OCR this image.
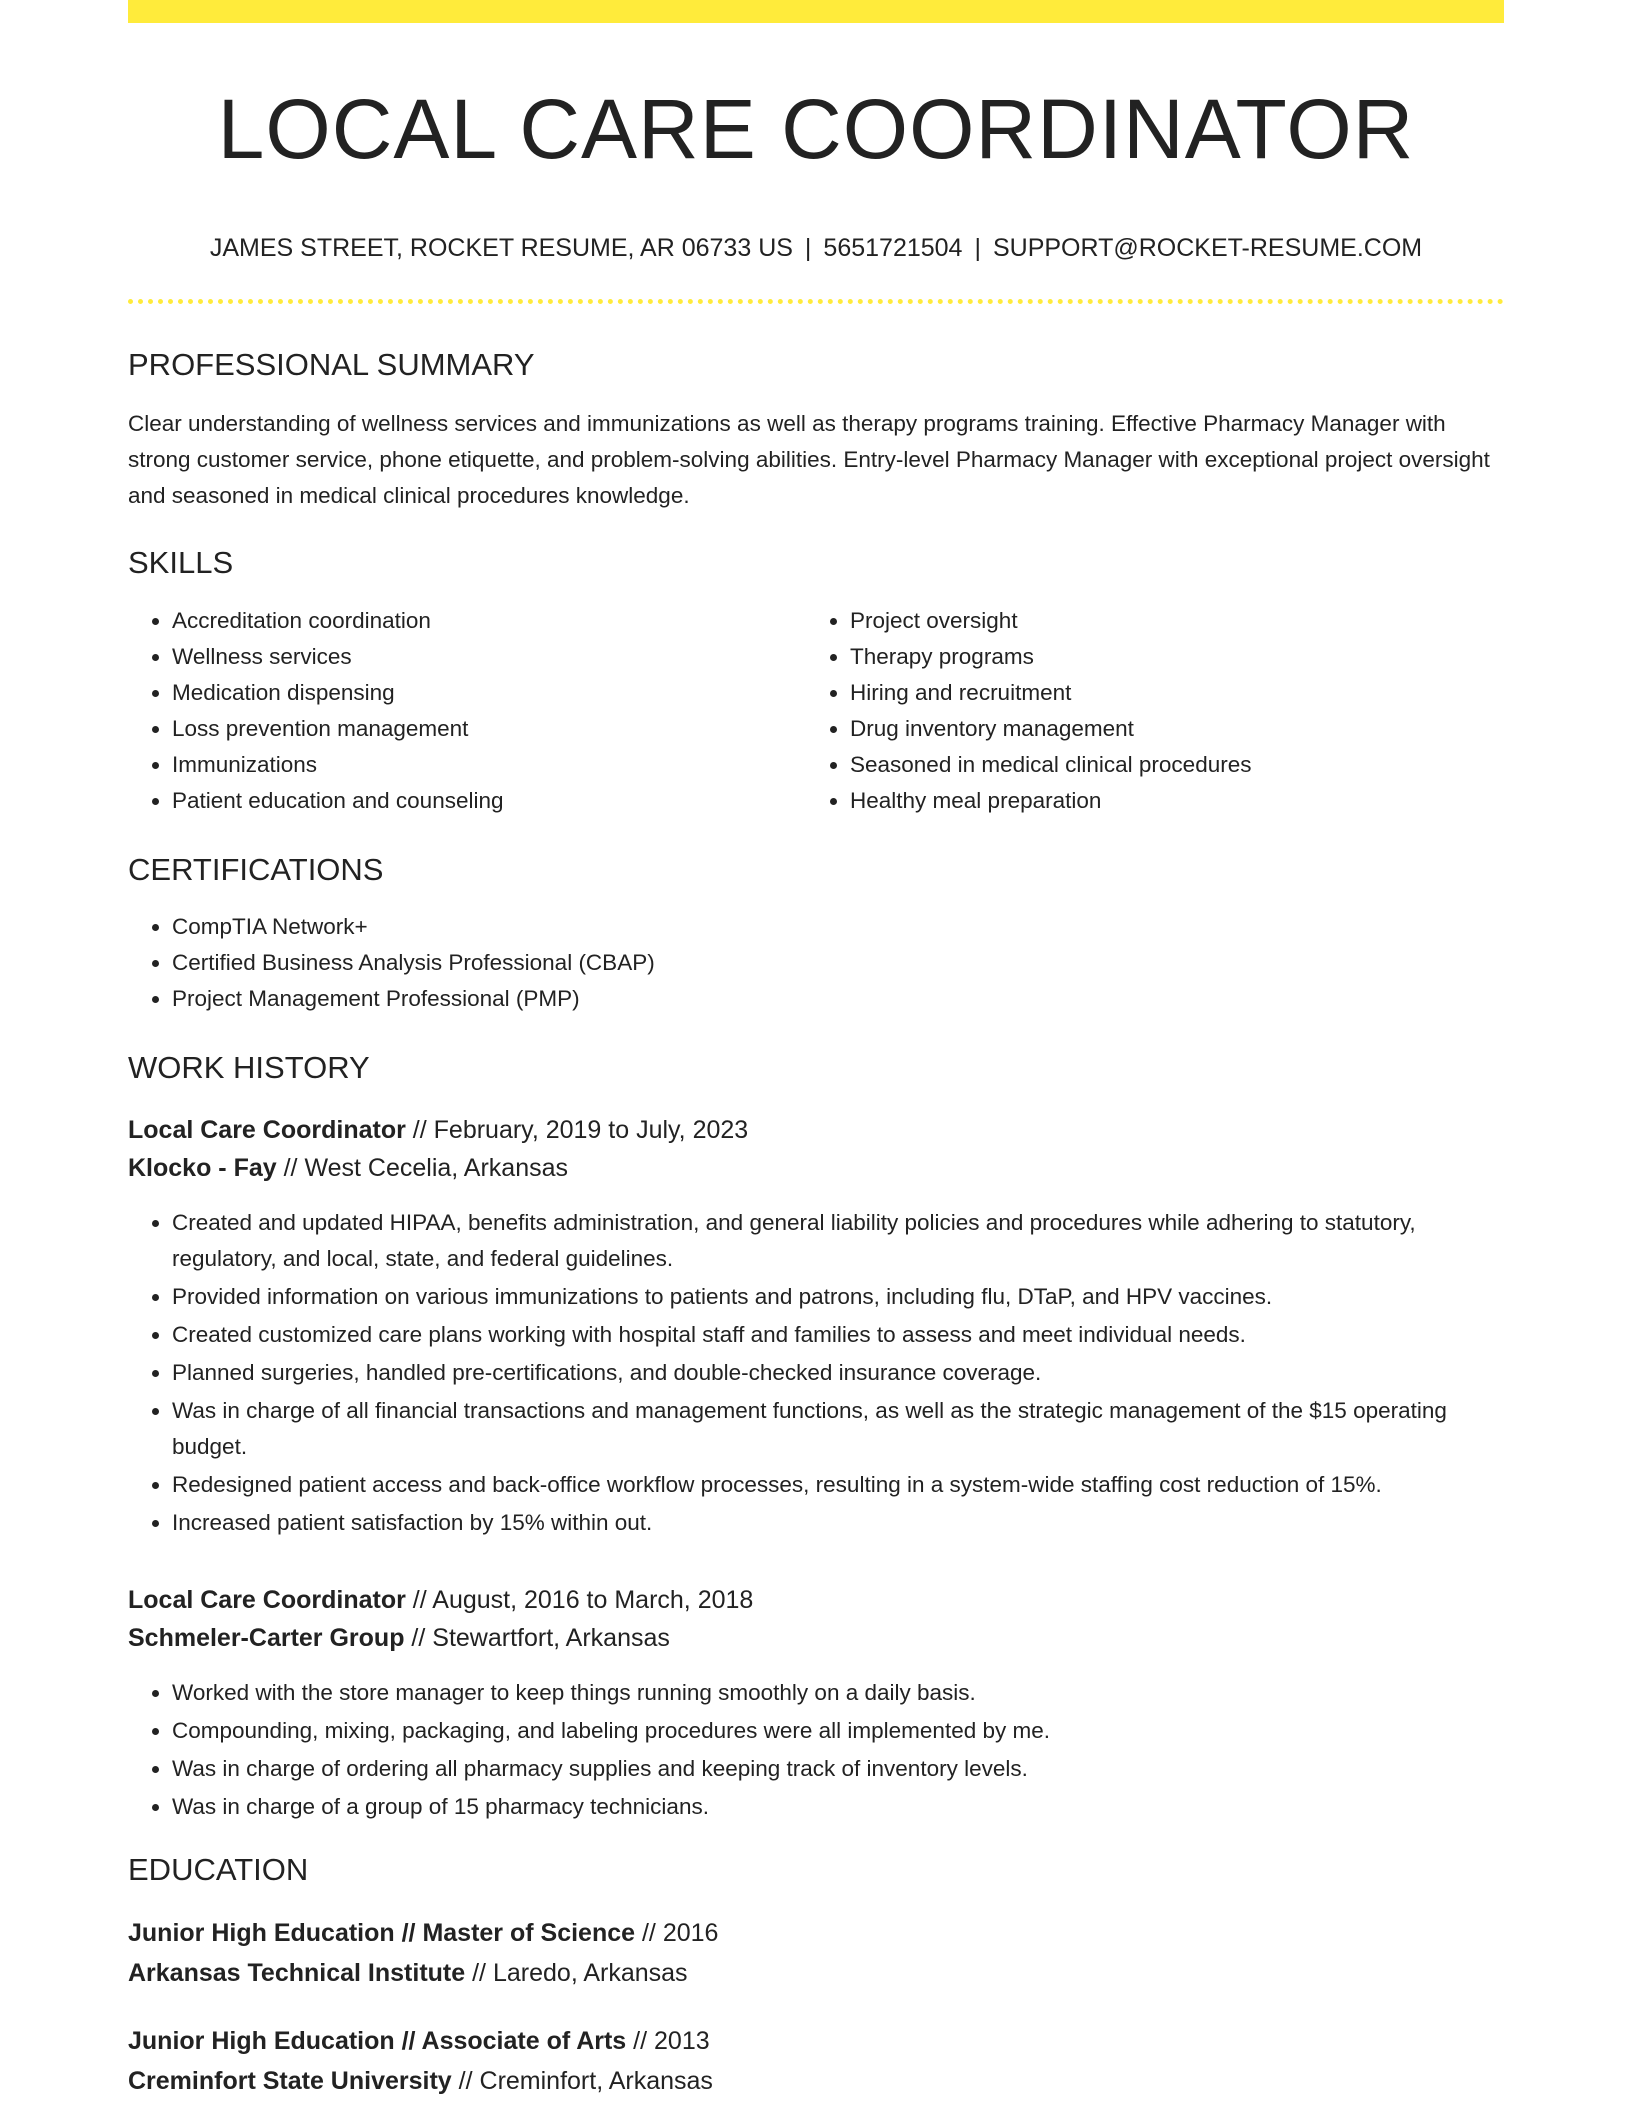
LOCAL CARE COORDINATOR
JAMES STREET, ROCKET RESUME, AR 06733 US | 5651721504 | SUPPORT@ROCKET-RESUME.COM
PROFESSIONAL SUMMARY

Clear understanding of wellness services and immunizations as well as therapy programs training. Effective Pharmacy Manager with strong customer service, phone etiquette, and problem-solving abilities. Entry-level Pharmacy Manager with exceptional project oversight and seasoned in medical clinical procedures knowledge.

SKILLS
• Accreditation coordination
• Wellness services
• Medication dispensing
• Loss prevention management
• Immunizations
• Patient education and counseling
• Project oversight
• Therapy programs
• Hiring and recruitment
• Drug inventory management
• Seasoned in medical clinical procedures
• Healthy meal preparation
CERTIFICATIONS
• CompTIA Network+
• Certified Business Analysis Professional (CBAP)
• Project Management Professional (PMP)
WORK HISTORY
Local Care Coordinator // February, 2019 to July, 2023
Klocko - Fay // West Cecelia, Arkansas
• Created and updated HIPAA, benefits administration, and general liability policies and procedures while adhering to statutory, regulatory, and local, state, and federal guidelines.
• Provided information on various immunizations to patients and patrons, including flu, DTaP, and HPV vaccines.
• Created customized care plans working with hospital staff and families to assess and meet individual needs.
• Planned surgeries, handled pre-certifications, and double-checked insurance coverage.
• Was in charge of all financial transactions and management functions, as well as the strategic management of the $15 operating budget.
• Redesigned patient access and back-office workflow processes, resulting in a system-wide staffing cost reduction of 15%.
• Increased patient satisfaction by 15% within out.
Local Care Coordinator // August, 2016 to March, 2018
Schmeler-Carter Group // Stewartfort, Arkansas
• Worked with the store manager to keep things running smoothly on a daily basis.
• Compounding, mixing, packaging, and labeling procedures were all implemented by me.
• Was in charge of ordering all pharmacy supplies and keeping track of inventory levels.
• Was in charge of a group of 15 pharmacy technicians.
EDUCATION
Junior High Education // Master of Science // 2016
Arkansas Technical Institute // Laredo, Arkansas
Junior High Education // Associate of Arts // 2013
Creminfort State University // Creminfort, Arkansas
